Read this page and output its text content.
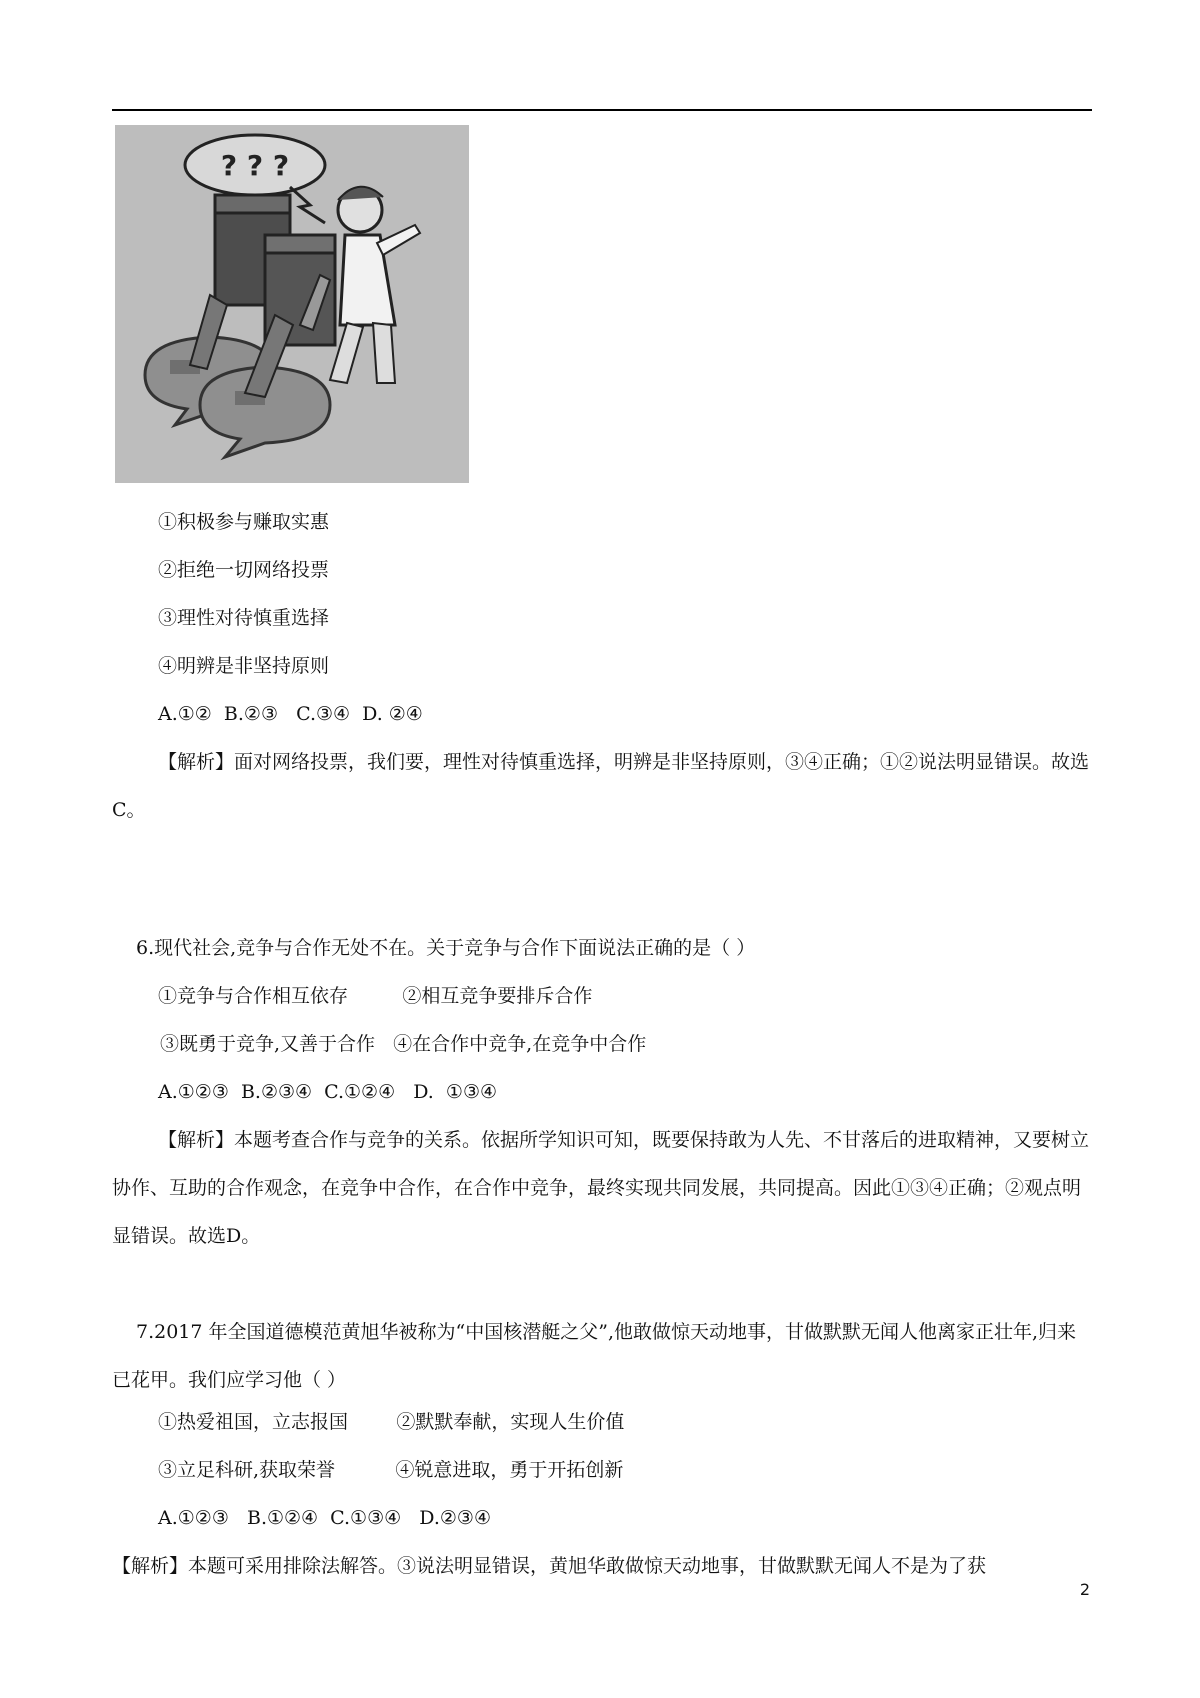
? ? ?
①积极参与赚取实惠
②拒绝一切网络投票
③理性对待慎重选择
④明辨是非坚持原则
A.①②  B.②③   C.③④  D. ②④
【解析】面对网络投票，我们要，理性对待慎重选择，明辨是非坚持原则，③④正确；①②说法明显错误。故选C。
6.现代社会,竞争与合作无处不在。关于竞争与合作下面说法正确的是（ ）
①竞争与合作相互依存         ②相互竞争要排斥合作
③既勇于竞争,又善于合作   ④在合作中竞争,在竞争中合作
A.①②③  B.②③④  C.①②④   D.  ①③④
【解析】本题考查合作与竞争的关系。依据所学知识可知，既要保持敢为人先、不甘落后的进取精神，又要树立协作、互助的合作观念，在竞争中合作，在合作中竞争，最终实现共同发展，共同提高。因此①③④正确；②观点明显错误。故选D。
7.2017 年全国道德模范黄旭华被称为“中国核潜艇之父”,他敢做惊天动地事，甘做默默无闻人他离家正壮年,归来已花甲。我们应学习他（ ）
①热爱祖国，立志报国        ②默默奉献，实现人生价值
③立足科研,获取荣誉          ④锐意进取，勇于开拓创新
A.①②③   B.①②④  C.①③④   D.②③④
【解析】本题可采用排除法解答。③说法明显错误，黄旭华敢做惊天动地事，甘做默默无闻人不是为了获
2
